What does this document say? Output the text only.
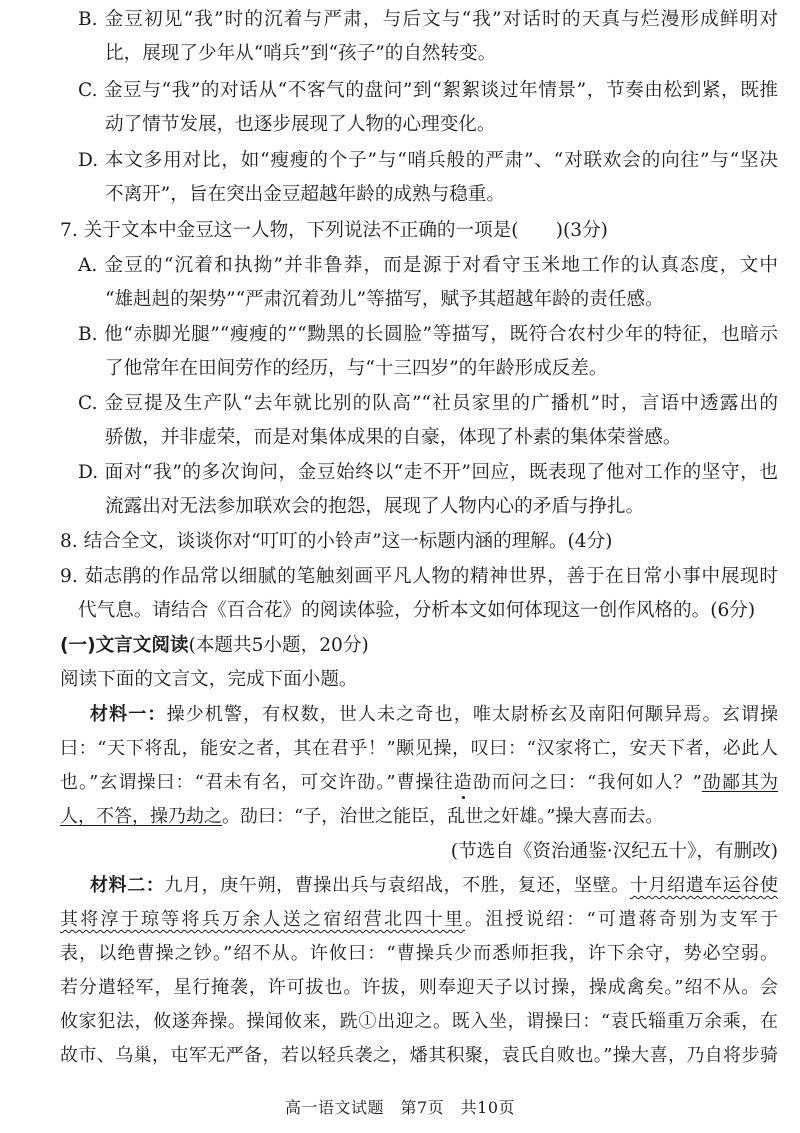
B. 金豆初见“我”时的沉着与严肃，与后文与“我”对话时的天真与烂漫形成鲜明对
比，展现了少年从“哨兵”到“孩子”的自然转变。
C. 金豆与“我”的对话从“不客气的盘问”到“絮絮谈过年情景”，节奏由松到紧，既推
动了情节发展，也逐步展现了人物的心理变化。
D. 本文多用对比，如“瘦瘦的个子”与“哨兵般的严肃”、“对联欢会的向往”与“坚决
不离开”，旨在突出金豆超越年龄的成熟与稳重。
7. 关于文本中金豆这一人物，下列说法不正确的一项是(　　)(3分)
A. 金豆的“沉着和执拗”并非鲁莽，而是源于对看守玉米地工作的认真态度，文中
“雄赳赳的架势”“严肃沉着劲儿”等描写，赋予其超越年龄的责任感。
B. 他“赤脚光腿”“瘦瘦的”“黝黑的长圆脸”等描写，既符合农村少年的特征，也暗示
了他常年在田间劳作的经历，与“十三四岁”的年龄形成反差。
C. 金豆提及生产队“去年就比别的队高”“社员家里的广播机”时，言语中透露出的
骄傲，并非虚荣，而是对集体成果的自豪，体现了朴素的集体荣誉感。
D. 面对“我”的多次询问，金豆始终以“走不开”回应，既表现了他对工作的坚守，也
流露出对无法参加联欢会的抱怨，展现了人物内心的矛盾与挣扎。
8. 结合全文，谈谈你对“叮叮的小铃声”这一标题内涵的理解。(4分)
9. 茹志鹃的作品常以细腻的笔触刻画平凡人物的精神世界，善于在日常小事中展现时
代气息。请结合《百合花》的阅读体验，分析本文如何体现这一创作风格的。(6分)
(一)文言文阅读(本题共5小题，20分)
阅读下面的文言文，完成下面小题。
材料一：操少机警，有权数，世人未之奇也，唯太尉桥玄及南阳何颙异焉。玄谓操
曰：“天下将乱，能安之者，其在君乎！”颙见操，叹曰：“汉家将亡，安天下者，必此人
也。”玄谓操曰：“君未有名，可交许劭。”曹操往造劭而问之曰：“我何如人？”劭鄙其为
人，不答，操乃劫之。劭曰：“子，治世之能臣，乱世之奸雄。”操大喜而去。
(节选自《资治通鉴·汉纪五十》，有删改)
材料二：九月，庚午朔，曹操出兵与袁绍战，不胜，复还，坚壁。十月绍遣车运谷使
其将淳于琼等将兵万余人送之宿绍营北四十里。沮授说绍：“可遣蒋奇别为支军于
表，以绝曹操之钞。”绍不从。许攸曰：“曹操兵少而悉师拒我，许下余守，势必空弱。
若分遣轻军，星行掩袭，许可拔也。许拔，则奉迎天子以讨操，操成禽矣。”绍不从。会
攸家犯法，攸遂奔操。操闻攸来，跣①出迎之。既入坐，谓操曰：“袁氏辎重万余乘，在
故市、乌巢，屯军无严备，若以轻兵袭之，燔其积聚，袁氏自败也。”操大喜，乃自将步骑
高一语文试题　第7页　共10页
